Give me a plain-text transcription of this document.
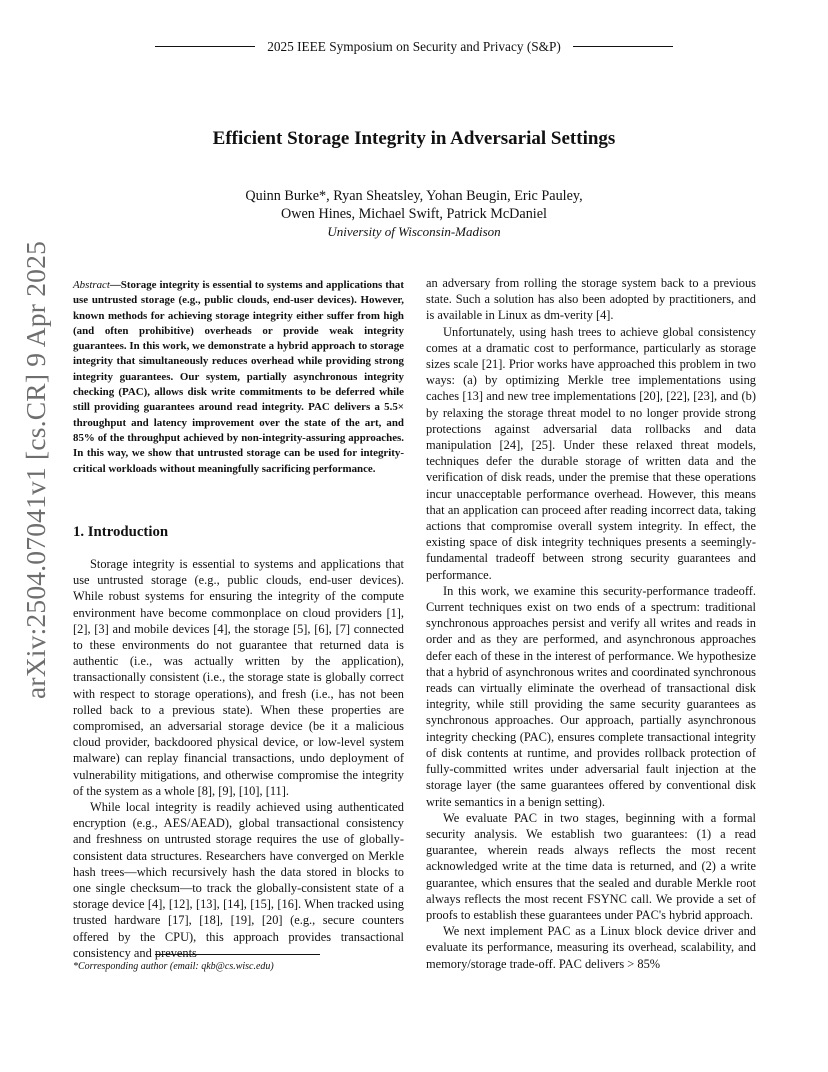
2025 IEEE Symposium on Security and Privacy (S&P)
Efficient Storage Integrity in Adversarial Settings
Quinn Burke*, Ryan Sheatsley, Yohan Beugin, Eric Pauley,
Owen Hines, Michael Swift, Patrick McDaniel
University of Wisconsin-Madison
arXiv:2504.07041v1 [cs.CR] 9 Apr 2025 Abstract—Storage integrity is essential to systems and applications that use untrusted storage (e.g., public clouds, end-user devices). However, known methods for achieving storage integrity either suffer from high (and often prohibitive) overheads or provide weak integrity guarantees. In this work, we demonstrate a hybrid approach to storage integrity that simultaneously reduces overhead while providing strong integrity guarantees. Our system, partially asynchronous integrity checking (PAC), allows disk write commitments to be deferred while still providing guarantees around read integrity. PAC delivers a 5.5× throughput and latency improvement over the state of the art, and 85% of the throughput achieved by non-integrity-assuring approaches. In this way, we show that untrusted storage can be used for integrity-critical workloads without meaningfully sacrificing performance.
1. Introduction

Storage integrity is essential to systems and applications that use untrusted storage (e.g., public clouds, end-user devices). While robust systems for ensuring the integrity of the compute environment have become commonplace on cloud providers [1], [2], [3] and mobile devices [4], the storage [5], [6], [7] connected to these environments do not guarantee that returned data is authentic (i.e., was actually written by the application), transactionally consistent (i.e., the storage state is globally correct with respect to storage operations), and fresh (i.e., has not been rolled back to a previous state). When these properties are compromised, an adversarial storage device (be it a malicious cloud provider, backdoored physical device, or low-level system malware) can replay financial transactions, undo deployment of vulnerability mitigations, and otherwise compromise the integrity of the system as a whole [8], [9], [10], [11].

While local integrity is readily achieved using authenticated encryption (e.g., AES/AEAD), global transactional consistency and freshness on untrusted storage requires the use of globally-consistent data structures. Researchers have converged on Merkle hash trees—which recursively hash the data stored in blocks to one single checksum—to track the globally-consistent state of a storage device [4], [12], [13], [14], [15], [16]. When tracked using trusted hardware [17], [18], [19], [20] (e.g., secure counters offered by the CPU), this approach provides transactional consistency and prevents

an adversary from rolling the storage system back to a previous state. Such a solution has also been adopted by practitioners, and is available in Linux as dm-verity [4].

Unfortunately, using hash trees to achieve global consistency comes at a dramatic cost to performance, particularly as storage sizes scale [21]. Prior works have approached this problem in two ways: (a) by optimizing Merkle tree implementations using caches [13] and new tree implementations [20], [22], [23], and (b) by relaxing the storage threat model to no longer provide strong protections against adversarial data rollbacks and data manipulation [24], [25]. Under these relaxed threat models, techniques defer the durable storage of written data and the verification of disk reads, under the premise that these operations incur unacceptable performance overhead. However, this means that an application can proceed after reading incorrect data, taking actions that compromise overall system integrity. In effect, the existing space of disk integrity techniques presents a seemingly-fundamental tradeoff between strong security guarantees and performance.

In this work, we examine this security-performance tradeoff. Current techniques exist on two ends of a spectrum: traditional synchronous approaches persist and verify all writes and reads in order and as they are performed, and asynchronous approaches defer each of these in the interest of performance. We hypothesize that a hybrid of asynchronous writes and coordinated synchronous reads can virtually eliminate the overhead of transactional disk integrity, while still providing the same security guarantees as synchronous approaches. Our approach, partially asynchronous integrity checking (PAC), ensures complete transactional integrity of disk contents at runtime, and provides rollback protection of fully-committed writes under adversarial fault injection at the storage layer (the same guarantees offered by conventional disk write semantics in a benign setting).

We evaluate PAC in two stages, beginning with a formal security analysis. We establish two guarantees: (1) a read guarantee, wherein reads always reflects the most recent acknowledged write at the time data is returned, and (2) a write guarantee, which ensures that the sealed and durable Merkle root always reflects the most recent FSYNC call. We provide a set of proofs to establish these guarantees under PAC's hybrid approach.

We next implement PAC as a Linux block device driver and evaluate its performance, measuring its overhead, scalability, and memory/storage trade-off. PAC delivers > 85%

*Corresponding author (email: qkb@cs.wisc.edu)
